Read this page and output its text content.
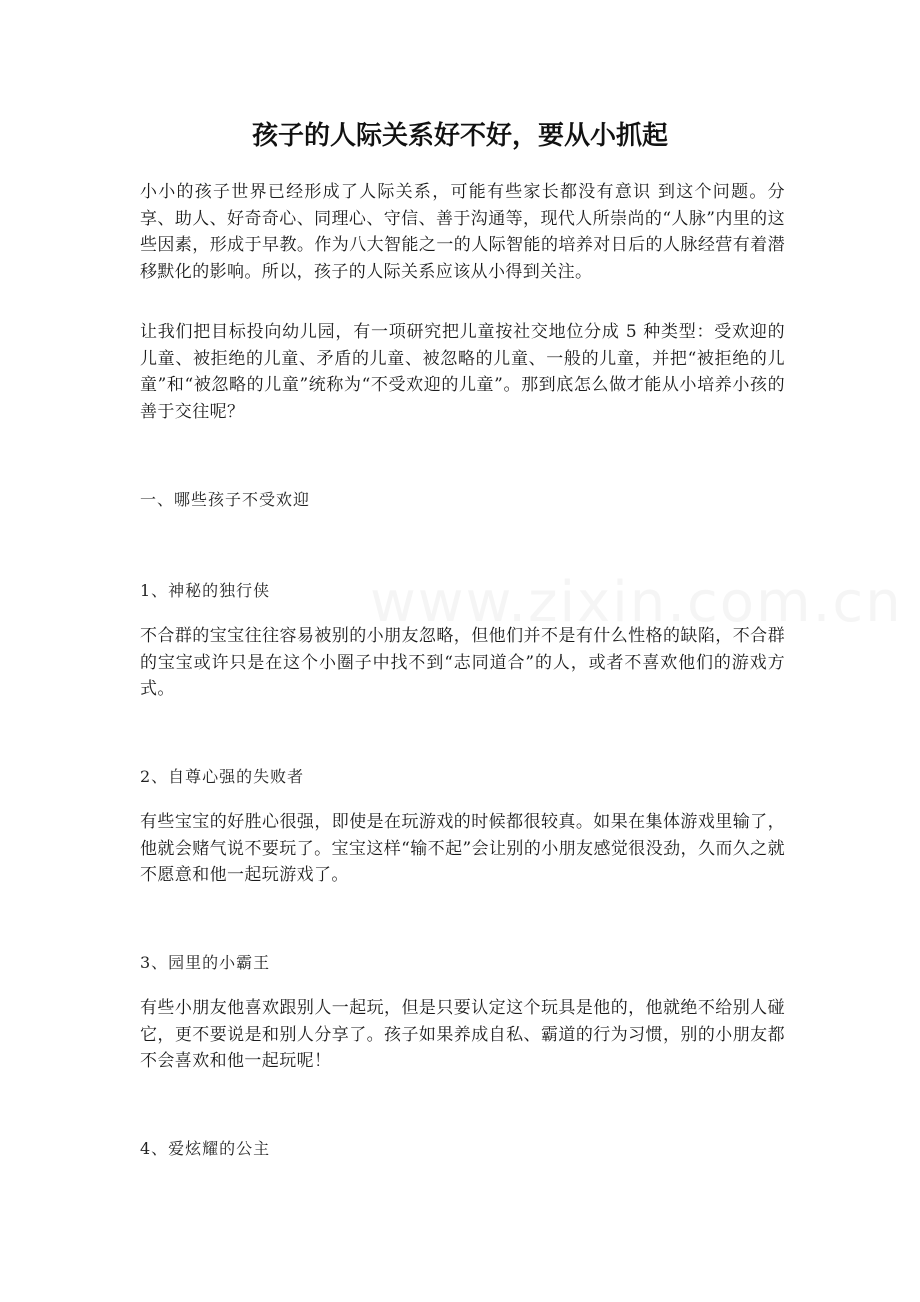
www.zixin.com.cn
孩子的人际关系好不好，要从小抓起

小小的孩子世界已经形成了人际关系，可能有些家长都没有意识 到这个问题。分享、助人、好奇奇心、同理心、守信、善于沟通等，现代人所崇尚的“人脉”内里的这些因素，形成于早教。作为八大智能之一的人际智能的培养对日后的人脉经营有着潜移默化的影响。所以，孩子的人际关系应该从小得到关注。

让我们把目标投向幼儿园，有一项研究把儿童按社交地位分成 5 种类型：受欢迎的儿童、被拒绝的儿童、矛盾的儿童、被忽略的儿童、一般的儿童，并把“被拒绝的儿童”和“被忽略的儿童”统称为“不受欢迎的儿童”。那到底怎么做才能从小培养小孩的善于交往呢？

一、哪些孩子不受欢迎

1、神秘的独行侠

不合群的宝宝往往容易被别的小朋友忽略，但他们并不是有什么性格的缺陷，不合群的宝宝或许只是在这个小圈子中找不到“志同道合”的人，或者不喜欢他们的游戏方式。

2、自尊心强的失败者

有些宝宝的好胜心很强，即使是在玩游戏的时候都很较真。如果在集体游戏里输了，他就会赌气说不要玩了。宝宝这样“输不起”会让别的小朋友感觉很没劲，久而久之就不愿意和他一起玩游戏了。

3、园里的小霸王

有些小朋友他喜欢跟别人一起玩，但是只要认定这个玩具是他的，他就绝不给别人碰它，更不要说是和别人分享了。孩子如果养成自私、霸道的行为习惯，别的小朋友都不会喜欢和他一起玩呢！

4、爱炫耀的公主
